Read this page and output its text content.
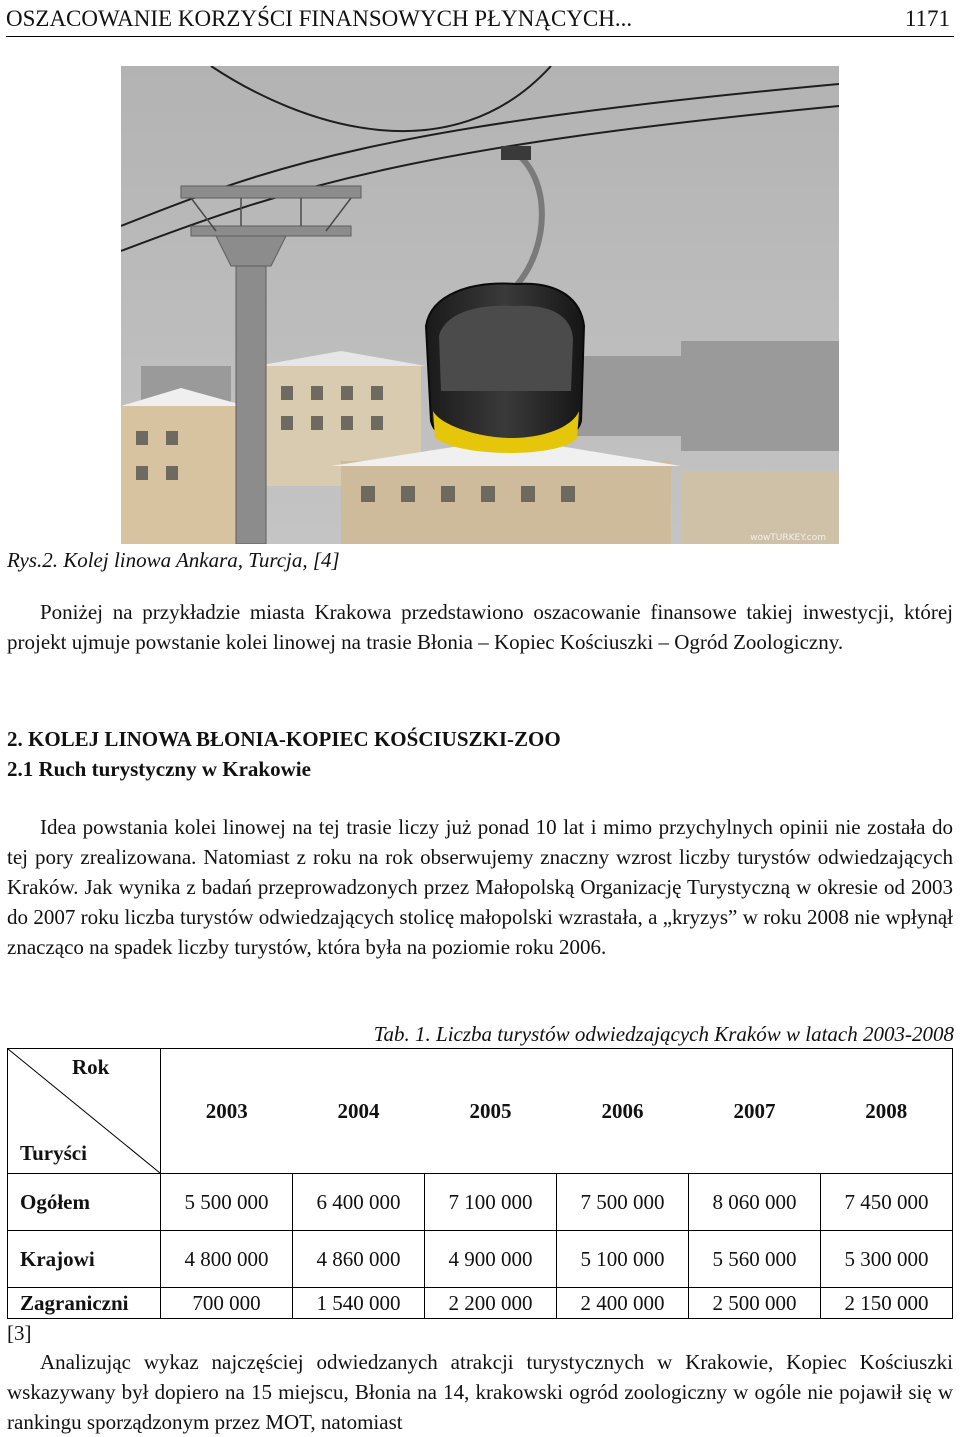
OSZACOWANIE KORZYŚCI FINANSOWYCH PŁYNĄCYCH...	1171
wowTURKEY.com
Rys.2. Kolej linowa Ankara, Turcja, [4]
Poniżej na przykładzie miasta Krakowa przedstawiono oszacowanie finansowe takiej inwestycji, której projekt ujmuje powstanie kolei linowej na trasie Błonia – Kopiec Kościuszki – Ogród Zoologiczny.
2. KOLEJ LINOWA BŁONIA-KOPIEC KOŚCIUSZKI-ZOO
2.1 Ruch turystyczny w Krakowie
Idea powstania kolei linowej na tej trasie liczy już ponad 10 lat i mimo przychylnych opinii nie została do tej pory zrealizowana. Natomiast z roku na rok obserwujemy znaczny wzrost liczby turystów odwiedzających Kraków. Jak wynika z badań przeprowadzonych przez Małopolską Organizację Turystyczną w okresie od 2003 do 2007 roku liczba turystów odwiedzających stolicę małopolski wzrastała, a „kryzys” w roku 2008 nie wpłynął znacząco na spadek liczby turystów, która była na poziomie roku 2006.
Tab. 1. Liczba turystów odwiedzających Kraków w latach 2003-2008
Rok
Turyści	2003	2004	2005	2006	2007	2008
Ogółem	5 500 000	6 400 000	7 100 000	7 500 000	8 060 000	7 450 000
Krajowi	4 800 000	4 860 000	4 900 000	5 100 000	5 560 000	5 300 000
Zagraniczni	700 000	1 540 000	2 200 000	2 400 000	2 500 000	2 150 000
[3]
Analizując wykaz najczęściej odwiedzanych atrakcji turystycznych w Krakowie, Kopiec Kościuszki wskazywany był dopiero na 15 miejscu, Błonia na 14, krakowski ogród zoologiczny w ogóle nie pojawił się w rankingu sporządzonym przez MOT, natomiast
